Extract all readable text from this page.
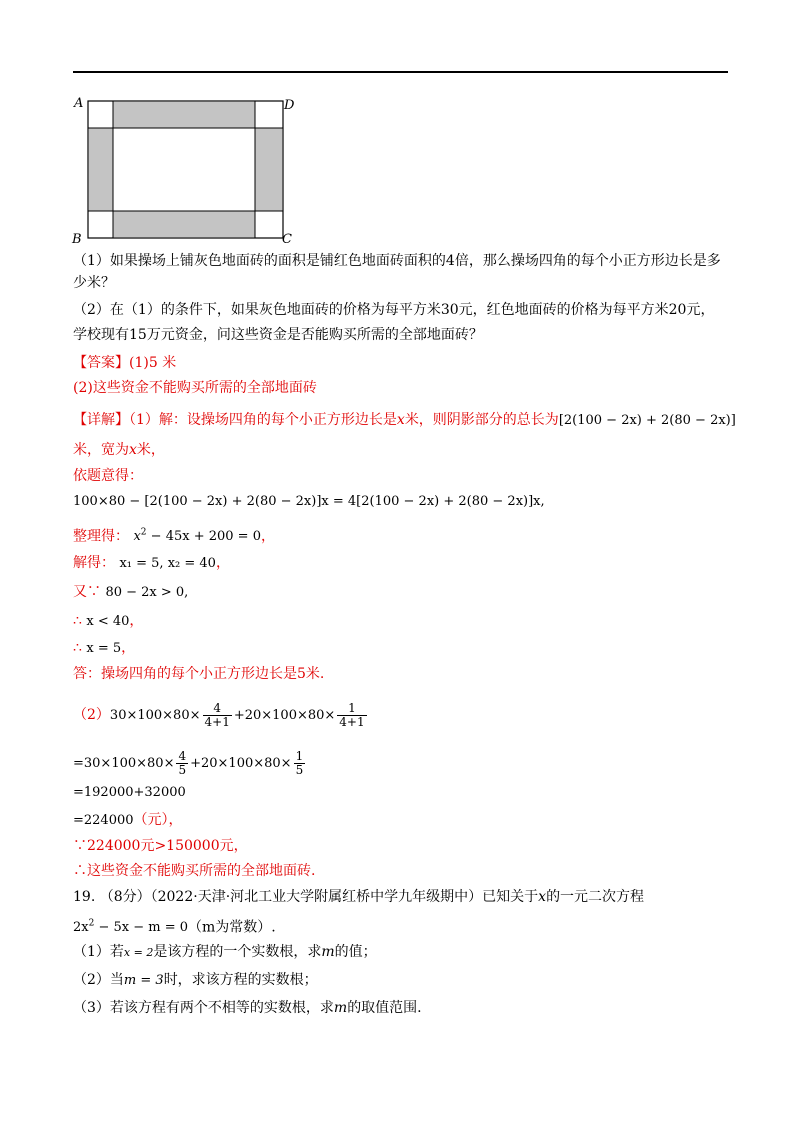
A	D
B	C
（1）如果操场上铺灰色地面砖的面积是铺红色地面砖面积的4倍，那么操场四角的每个小正方形边长是多
少米？
（2）在（1）的条件下，如果灰色地面砖的价格为每平方米30元，红色地面砖的价格为每平方米20元，
学校现有15万元资金，问这些资金是否能购买所需的全部地面砖？
【答案】(1)5 米
(2)这些资金不能购买所需的全部地面砖
【详解】（1）解：设操场四角的每个小正方形边长是x米，则阴影部分的总长为[2(100 − 2x) + 2(80 − 2x)]
米，宽为x米，
依题意得：
100×80 − [2(100 − 2x) + 2(80 − 2x)]x = 4[2(100 − 2x) + 2(80 − 2x)]x,
整理得： $x^2 - 45x + 200 = 0$，
解得： x₁ = 5, x₂ = 40，
又∵ 80 − 2x > 0,
∴ x < 40，
∴ x = 5，
答：操场四角的每个小正方形边长是5米.
$(2)30\times 100\times 80\times \frac{4}{4+1} +20\times 100\times 80\times \frac{1}{4+1}$
$=30\times 100\times 80\times \frac{4}{5} +20\times 100\times 80\times \frac{1}{5}$
=192000+32000
=224000（元），
∵224000元>150000元，
∴这些资金不能购买所需的全部地面砖.
19. （8分）（2022·天津·河北工业大学附属红桥中学九年级期中）已知关于x的一元二次方程
$2x^2 - 5x - m = 0(m$为常数）.
（1）若x = 2是该方程的一个实数根，求m的值；
（2）当m = 3时，求该方程的实数根；
（3）若该方程有两个不相等的实数根，求m的取值范围.
